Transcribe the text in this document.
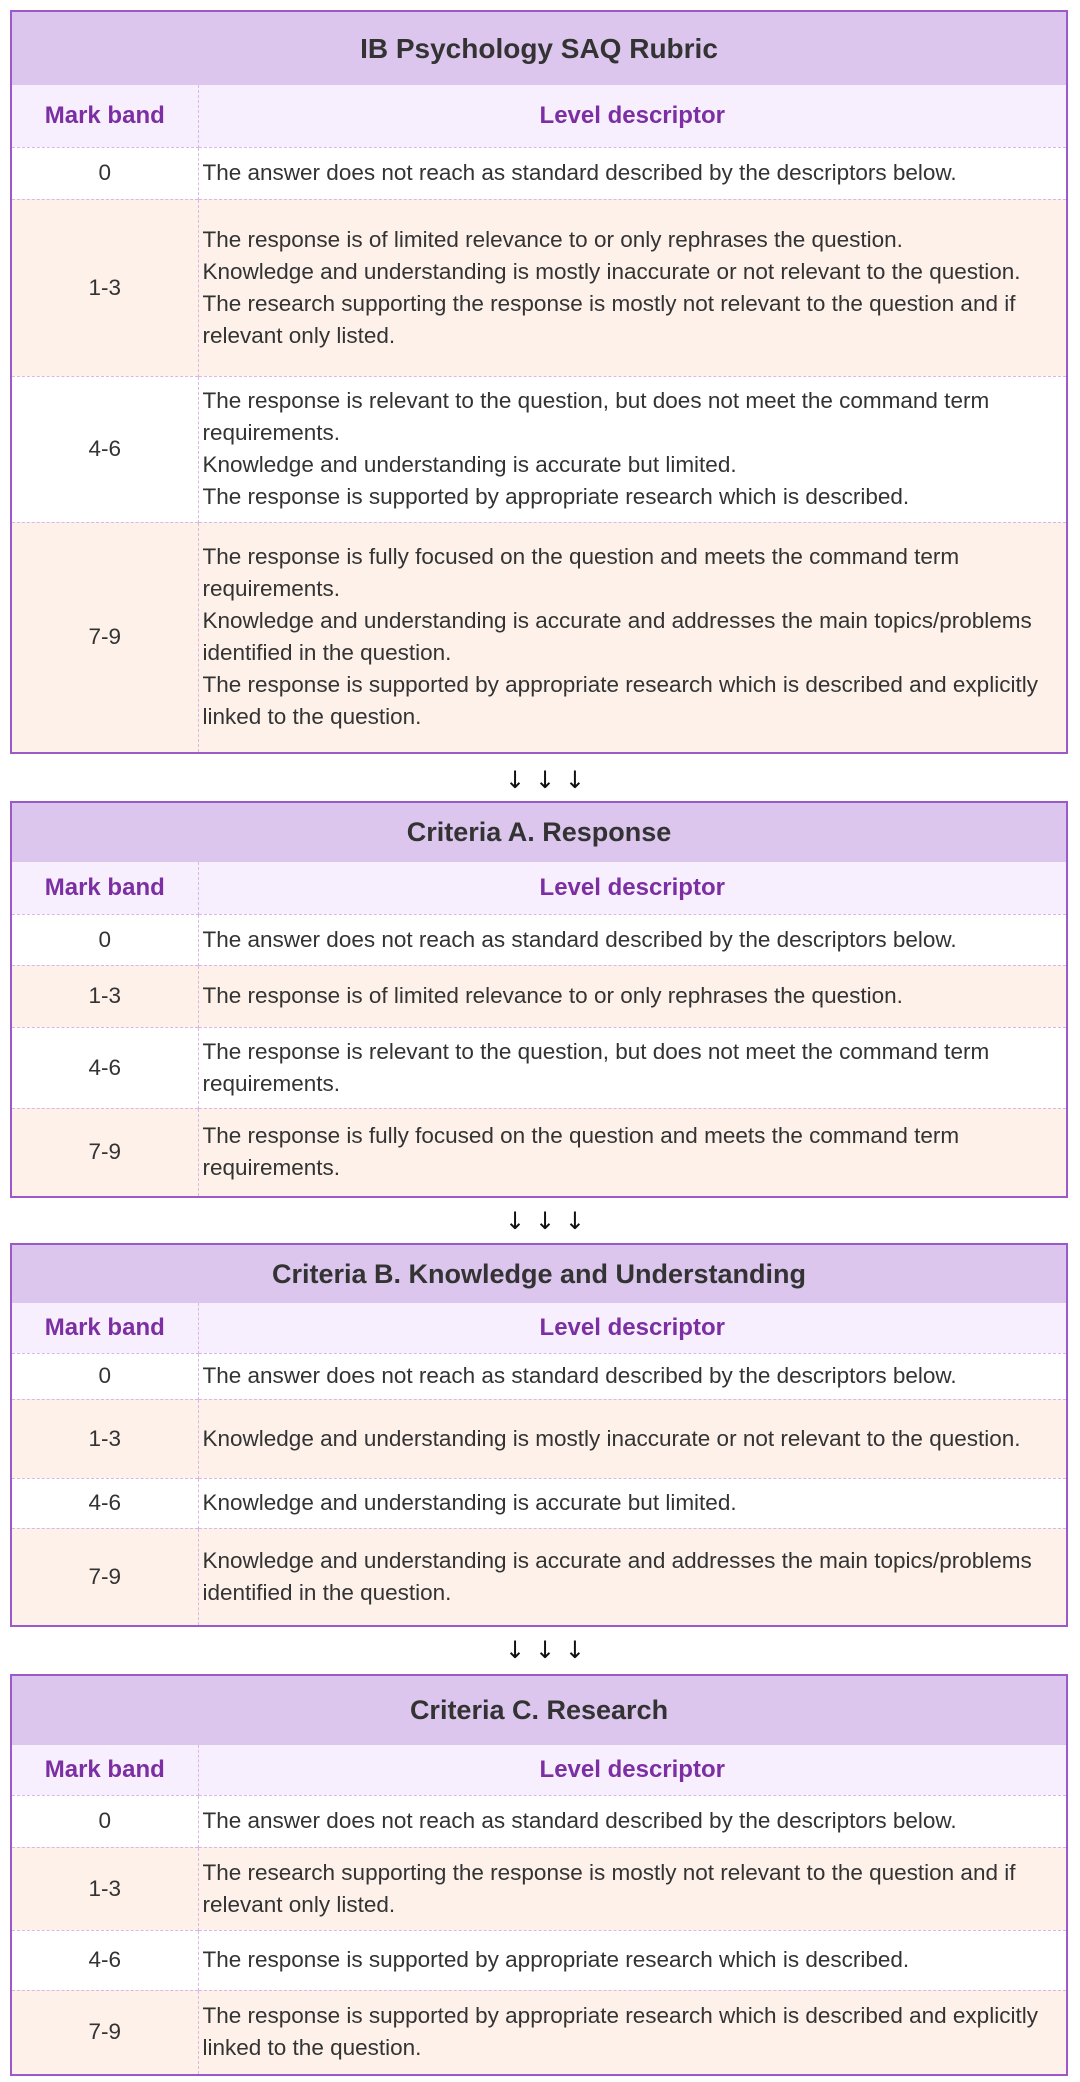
IB Psychology SAQ Rubric	
Mark band	Level descriptor
0	The answer does not reach as standard described by the descriptors below.

1-3	The response is of limited relevance to or only rephrases the question.
Knowledge and understanding is mostly inaccurate or not relevant to the question.
The research supporting the response is mostly not relevant to the question and if relevant only listed.

4-6	The response is relevant to the question, but does not meet the command term requirements.
Knowledge and understanding is accurate but limited.
The response is supported by appropriate research which is described.

7-9	The response is fully focused on the question and meets the command term requirements.
Knowledge and understanding is accurate and addresses the main topics/problems identified in the question.
The response is supported by appropriate research which is described and explicitly linked to the question.
↓ ↓ ↓
Criteria A. Response	
Mark band	Level descriptor
0	The answer does not reach as standard described by the descriptors below.

1-3	The response is of limited relevance to or only rephrases the question.

4-6	The response is relevant to the question, but does not meet the command term requirements.

7-9	The response is fully focused on the question and meets the command term requirements.
↓ ↓ ↓
Criteria B. Knowledge and Understanding	
Mark band	Level descriptor
0	The answer does not reach as standard described by the descriptors below.

1-3	Knowledge and understanding is mostly inaccurate or not relevant to the question.

4-6	Knowledge and understanding is accurate but limited.

7-9	Knowledge and understanding is accurate and addresses the main topics/problems identified in the question.
↓ ↓ ↓
Criteria C. Research	
Mark band	Level descriptor
0	The answer does not reach as standard described by the descriptors below.

1-3	The research supporting the response is mostly not relevant to the question and if relevant only listed.

4-6	The response is supported by appropriate research which is described.

7-9	The response is supported by appropriate research which is described and explicitly linked to the question.
